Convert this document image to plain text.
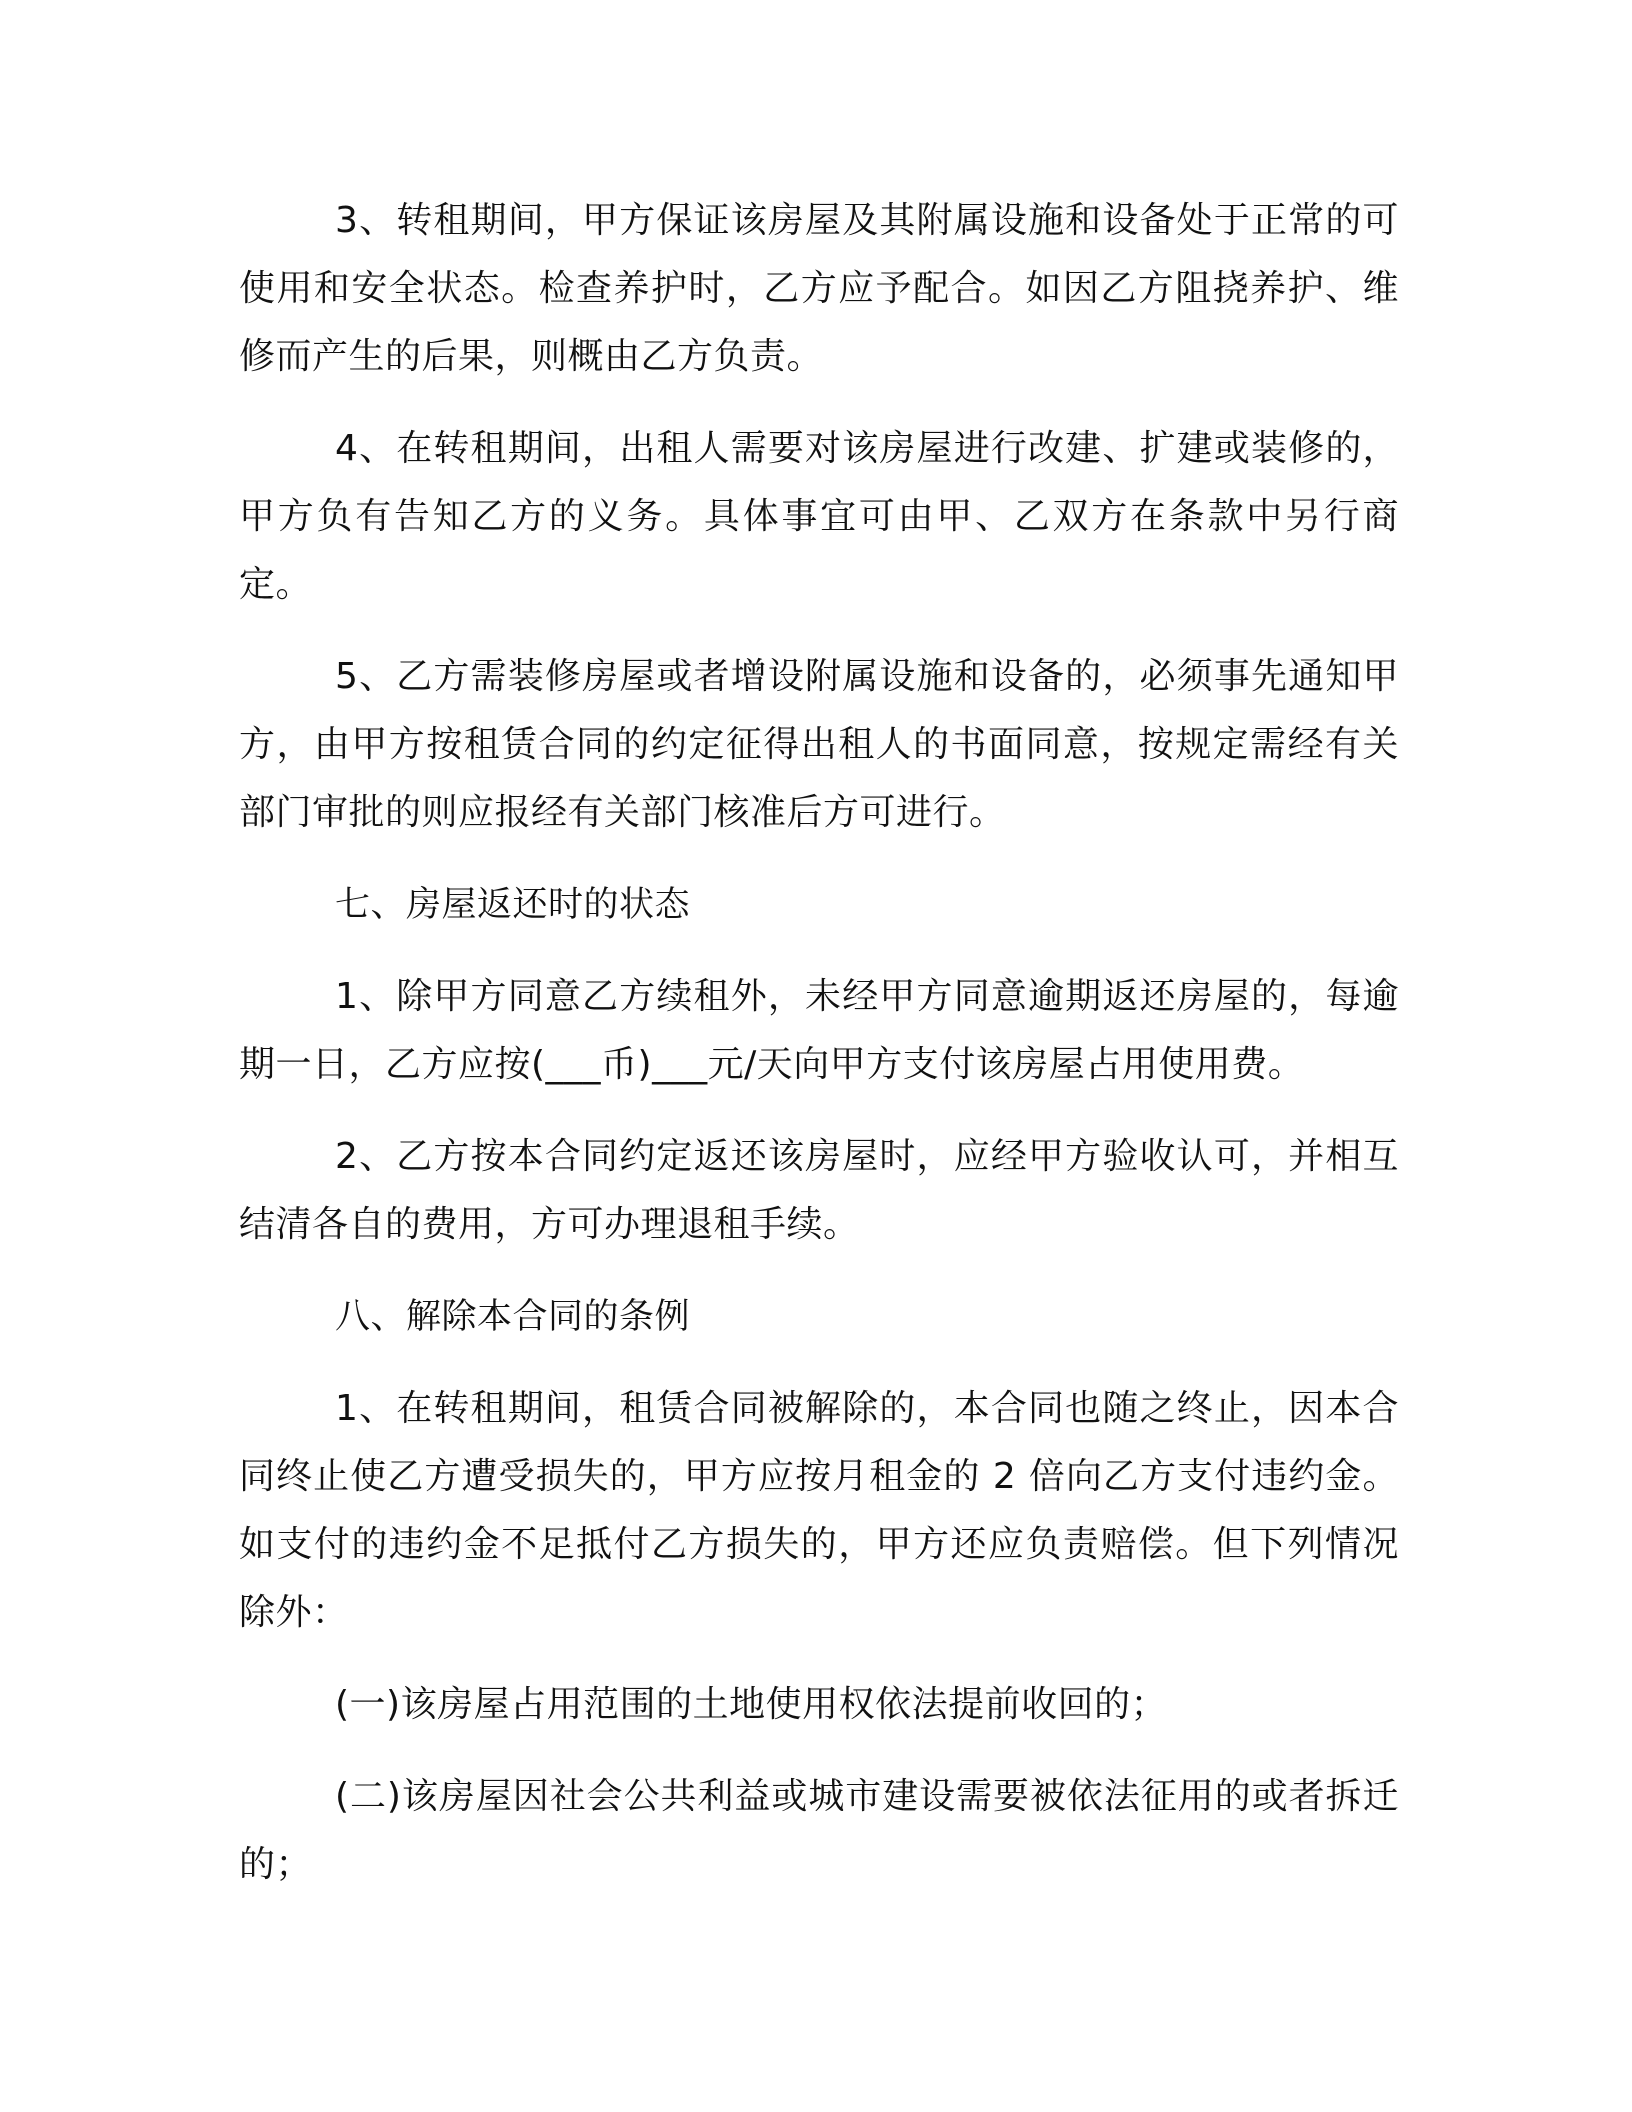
3、转租期间，甲方保证该房屋及其附属设施和设备处于正常的可使用和安全状态。检查养护时，乙方应予配合。如因乙方阻挠养护、维修而产生的后果，则概由乙方负责。

4、在转租期间，出租人需要对该房屋进行改建、扩建或装修的，甲方负有告知乙方的义务。具体事宜可由甲、乙双方在条款中另行商定。

5、乙方需装修房屋或者增设附属设施和设备的，必须事先通知甲方，由甲方按租赁合同的约定征得出租人的书面同意，按规定需经有关部门审批的则应报经有关部门核准后方可进行。

七、房屋返还时的状态

1、除甲方同意乙方续租外，未经甲方同意逾期返还房屋的，每逾期一日，乙方应按(___币)___元/天向甲方支付该房屋占用使用费。

2、乙方按本合同约定返还该房屋时，应经甲方验收认可，并相互结清各自的费用，方可办理退租手续。

八、解除本合同的条例

1、在转租期间，租赁合同被解除的，本合同也随之终止，因本合同终止使乙方遭受损失的，甲方应按月租金的 2 倍向乙方支付违约金。如支付的违约金不足抵付乙方损失的，甲方还应负责赔偿。但下列情况除外：

(一)该房屋占用范围的土地使用权依法提前收回的；

(二)该房屋因社会公共利益或城市建设需要被依法征用的或者拆迁的；
